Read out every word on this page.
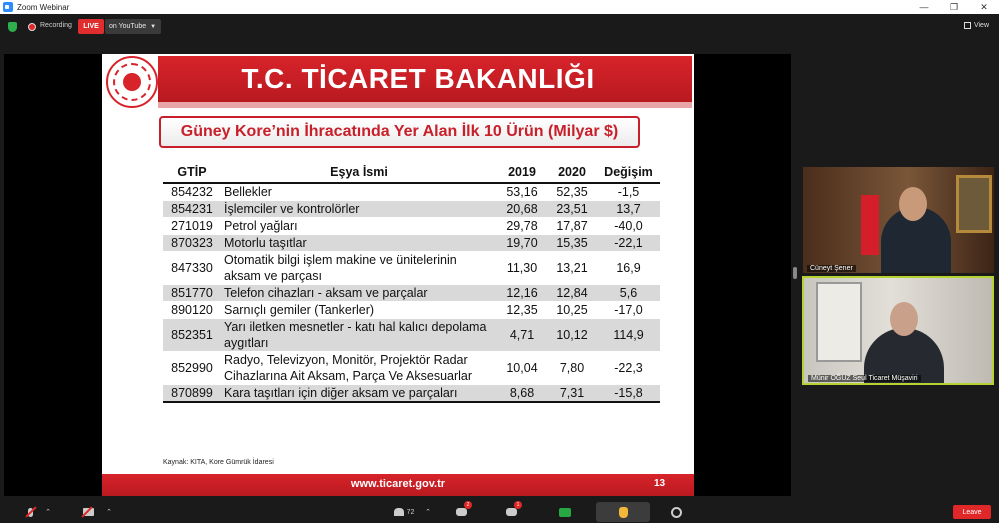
Zoom Webinar	—	❐	✕
Recording	LIVE	on YouTube ▼	View
T.C. TİCARET BAKANLIĞI
Güney Kore’nin İhracatında Yer Alan İlk 10 Ürün (Milyar $)
GTİP	Eşya İsmi	2019	2020	Değişim
854232	Bellekler	53,16	52,35	-1,5
854231	İşlemciler ve kontrolörler	20,68	23,51	13,7
271019	Petrol yağları	29,78	17,87	-40,0
870323	Motorlu taşıtlar	19,70	15,35	-22,1
847330	Otomatik bilgi işlem makine ve ünitelerinin aksam ve parçası	11,30	13,21	16,9
851770	Telefon cihazları - aksam ve parçalar	12,16	12,84	5,6
890120	Sarnıçlı gemiler (Tankerler)	12,35	10,25	-17,0
852351	Yarı iletken mesnetler - katı hal kalıcı depolama aygıtları	4,71	10,12	114,9
852990	Radyo, Televizyon, Monitör, Projektör Radar Cihazlarına Ait Aksam, Parça Ve Aksesuarlar	10,04	7,80	-22,3
870899	Kara taşıtları için diğer aksam ve parçaları	8,68	7,31	-15,8
Kaynak: KITA, Kore Gümrük İdaresi
www.ticaret.gov.tr	13
Cüneyt Şener
Münir OĞUZ Seul Ticaret Müşaviri
⌃	⌃	72 ⌃
2	1
Leave
